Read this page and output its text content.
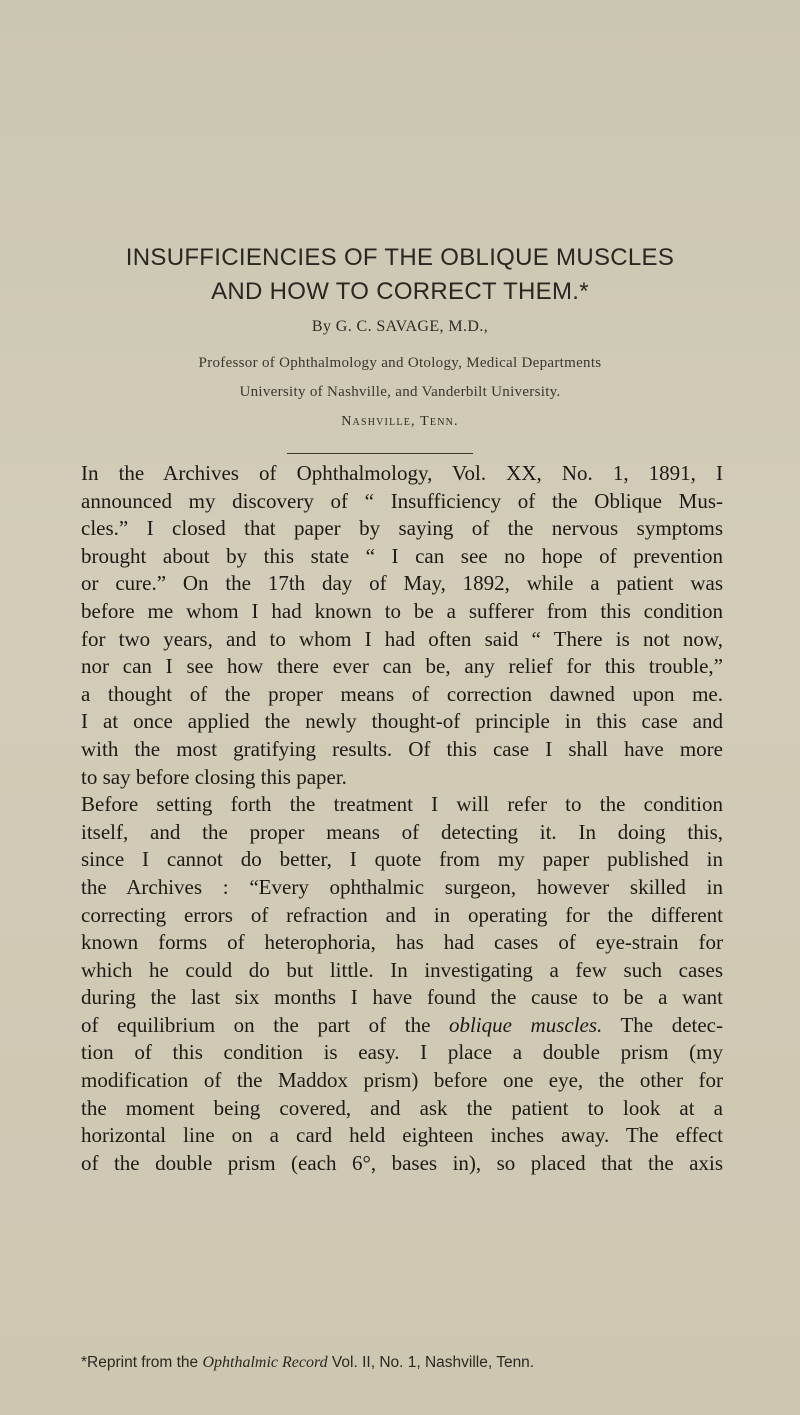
INSUFFICIENCIES OF THE OBLIQUE MUSCLES
AND HOW TO CORRECT THEM.*
By G. C. SAVAGE, M.D.,
Professor of Ophthalmology and Otology, Medical Departments
University of Nashville, and Vanderbilt University.
Nashville, Tenn.
In the Archives of Ophthalmology, Vol. XX, No. 1, 1891, I
announced my discovery of “ Insufficiency of the Oblique Mus-
cles.” I closed that paper by saying of the nervous symptoms
brought about by this state “ I can see no hope of prevention
or cure.” On the 17th day of May, 1892, while a patient was
before me whom I had known to be a sufferer from this condition
for two years, and to whom I had often said “ There is not now,
nor can I see how there ever can be, any relief for this trouble,”
a thought of the proper means of correction dawned upon me.
I at once applied the newly thought-of principle in this case and
with the most gratifying results. Of this case I shall have more
to say before closing this paper.
Before setting forth the treatment I will refer to the condition
itself, and the proper means of detecting it. In doing this,
since I cannot do better, I quote from my paper published in
the Archives : “Every ophthalmic surgeon, however skilled in
correcting errors of refraction and in operating for the different
known forms of heterophoria, has had cases of eye-strain for
which he could do but little. In investigating a few such cases
during the last six months I have found the cause to be a want
of equilibrium on the part of the oblique muscles. The detec-
tion of this condition is easy. I place a double prism (my
modification of the Maddox prism) before one eye, the other for
the moment being covered, and ask the patient to look at a
horizontal line on a card held eighteen inches away. The effect
of the double prism (each 6°, bases in), so placed that the axis
*Reprint from the Ophthalmic Record Vol. II, No. 1, Nashville, Tenn.
